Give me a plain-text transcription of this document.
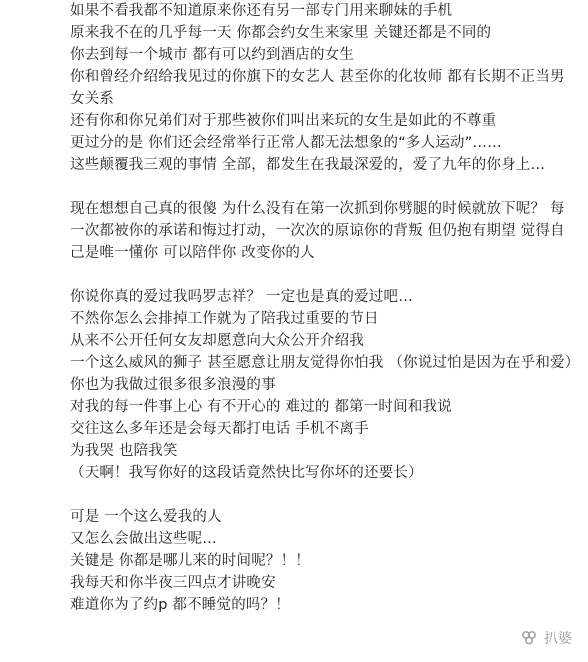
如果不看我都不知道原来你还有另一部专门用来聊妹的手机
原来我不在的几乎每一天 你都会约女生来家里 关键还都是不同的
你去到每一个城市 都有可以约到酒店的女生
你和曾经介绍给我见过的你旗下的女艺人 甚至你的化妆师 都有长期不正当男女关系
还有你和你兄弟们对于那些被你们叫出来玩的女生是如此的不尊重
更过分的是 你们还会经常举行正常人都无法想象的“多人运动”……
这些颠覆我三观的事情 全部，都发生在我最深爱的，爱了九年的你身上…
现在想想自己真的很傻 为什么没有在第一次抓到你劈腿的时候就放下呢？ 每一次都被你的承诺和悔过打动，一次次的原谅你的背叛 但仍抱有期望 觉得自己是唯一懂你 可以陪伴你 改变你的人
你说你真的爱过我吗罗志祥？ 一定也是真的爱过吧…
不然你怎么会排掉工作就为了陪我过重要的节日
从来不公开任何女友却愿意向大众公开介绍我
一个这么威风的狮子 甚至愿意让朋友觉得你怕我 （你说过怕是因为在乎和爱）
你也为我做过很多很多浪漫的事
对我的每一件事上心 有不开心的 难过的 都第一时间和我说
交往这么多年还是会每天都打电话 手机不离手
为我哭 也陪我笑
（天啊！我写你好的这段话竟然快比写你坏的还要长）
可是 一个这么爱我的人
又怎么会做出这些呢…
关键是 你都是哪儿来的时间呢？！！
我每天和你半夜三四点才讲晚安
难道你为了约p 都不睡觉的吗？！
扒婆
